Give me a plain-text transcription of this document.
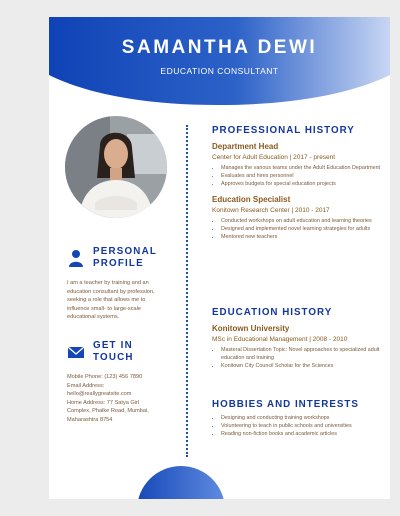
SAMANTHA DEWI
EDUCATION CONSULTANT
PERSONAL
PROFILE
I am a teacher by training and an education consultant by profession, seeking a role that allows me to influence small- to large-scale educational systems.
GET IN
TOUCH
Mobile Phone: (123) 456 7890
Email Address:
hello@reallygreatsite.com
Home Address: 77 Satya Girl
Complex, Phalke Road, Mumbai,
Maharashtra 8754
PROFESSIONAL HISTORY
Department Head
Center for Adult Education | 2017 - present
• Manages the various teams under the Adult Education Department
• Evaluates and hires personnel
• Approves budgets for special education projects
Education Specialist
Konitown Research Center | 2010 - 2017
• Conducted workshops on adult education and learning theories
• Designed and implemented novel learning strategies for adults
• Mentored new teachers
EDUCATION HISTORY
Konitown University
MSc in Educational Management | 2008 - 2010
• Masteral Dissertation Topic: Novel approaches to specialized adult education and training
• Konitown City Council Scholar for the Sciences
HOBBIES AND INTERESTS
• Designing and conducting training workshops
• Volunteering to teach in public schools and universities
• Reading non-fiction books and academic articles
